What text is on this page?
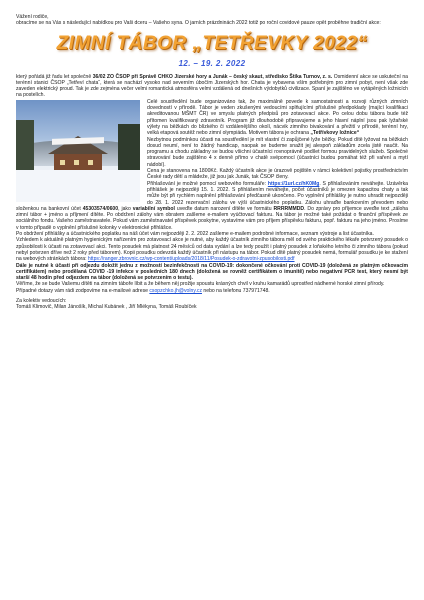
Vážení rodiče,

obracíme se na Vás s následující nabídkou pro Vaši dceru – Vašeho syna. O jarních prázdninách 2022 totiž po roční covidové pauze opět proběhne tradiční akce:

ZIMNÍ TÁBOR „TETŘEVKY 2022“
12. – 19. 2. 2022

který pořádá již řadu let společně 36/02 ZO ČSOP při Správě CHKO Jizerské hory a Junák – český skaut, středisko Štika Turnov, z. s. Osmidenní akce se uskuteční na terénní stanici ČSOP „Tetřeví chata“, která se nachází vysoko nad severním úbočím Jizerských hor. Chata je vybavena vším potřebným pro zimní pobyt, není však zde zaveden elektrický proud. Tak je zde zejména večer velmi romantická atmosféra velmi vzdálená od dnešních výdobytků civilizace. Spaní je zajištěno ve vytápěných ložnicích na postelích.

Celé soustředění bude organizováno tak, že maximálně povede k samostatnosti a rozvoji různých zimních dovedností v přírodě. Tábor je veden zkušenými vedoucími splňujícími příslušné předpoklady (mající kvalifikaci akreditovanou MŠMT ČR) ve smyslu platných předpisů pro zotavovací akce. Po celou dobu tábora bude též přítomen kvalifikovaný zdravotník. Program již dlouhodobě připravujeme a jeho hlavní náplní jsou pak lyžařské výlety na běžkách do blízkého či vzdálenějšího okolí, nácvik zimního bivakování a přežití v přírodě, terénní hry, velká etapová soutěž nebo zimní olympiáda. Motivem tábora je ochrana „Tetřívkovy ložnice“

Nezbytnou podmínkou účasti na soustředění je mít vlastní či zapůjčené lyže běžky. Pokud dítě lyžovat na běžkách dosud neumí, není to žádný handicap, naopak se budeme snažit jej alespoň základům zcela jistě naučit. Na programu a chodu základny se budou všichni účastníci rovnoprávně podílet formou pravidelných služeb. Společné stravování bude zajištěno 4 x denně přímo v chatě svépomocí (účastníci budou pomáhat též při vaření a mytí nádobí).

Cena je stanovena na 1800Kč. Každý účastník akce je úrazově pojištěn v rámci kolektivní pojistky prostřednictvím České rady dětí a mládeže, již jsou jak Junák, tak ČSOP členy.

Přihlašování je možné pomocí webového formuláře: https://1url.cz/hK0Mg. S přihlašováním neváhejte. Uzávěrka přihlášek je nejpozději 15. 1. 2022. S přihlášením neváhejte, počet účastníků je omezen kapacitou chaty a tak může být při rychlém naplnění přihlašování předčasně ukončeno. Po vyplnění přihlášky je nutno uhradit nejpozději do 28. 1. 2022 rezervační zálohu ve výši účastnického poplatku. Zálohu uhraďte bankovním převodem nebo složenkou na bankovní účet 45303574/0600, jako variabilní symbol uveďte datum narození dítěte ve formátu RRRRMMDD. Do zprávy pro příjemce uveďte text „záloha zimní tábor + jméno a příjmení dítěte. Po obdržení zálohy vám obratem zašleme e-mailem vyúčtovací fakturu. Na tábor je možné také požádat o finanční příspěvek ze sociálního fondu. Vašeho zaměstnavatele. Pokud vám zaměstnavatel příspěvek poskytne, vystavíme vám pro příjem příspěvku fakturu, popř. fakturu na jeho jméno. Prosíme v tomto případě o vyplnění příslušné kolonky v elektronické přihlášce.

Po obdržení přihlášky a účastnického poplatku na náš účet vám nejpozději 2. 2. 2022 zašleme e-mailem podrobné informace, seznam výstroje a list účastníka.

Vzhledem k aktuálně platným hygienickým nařízením pro zotavovací akce je nutné, aby každý účastník zimního tábora měl od svého praktického lékaře potvrzený posudek o způsobilosti k účasti na zotavovací akci. Tento posudek má platnost 24 měsíců od data vydání a lze tedy použít i platný posudek z loňského letního či zimního tábora (pokud nebyl potvrzen dříve než 2 roky před táborem). Kopii posudku odevzdá každý účastník při nástupu na tábor. Pokud dítě platný posudek nemá, formulář posudku je ke stažení na webových stránkách tábora: https://ranger.zbrovnic.cz/wp-content/uploads/2018/11/Posudek-o-zdravotni-zpusobilosti.pdf

Dále je nutné k účasti při odjezdu doložit jednu z možností bezinfekčnosti na COVID-19: dokončené očkování proti COVID-19 (doložená ze platným očkovacím certifikátem) nebo prodělaná COVID -19 infekce v posledních 180 dnech (doložená se rovněž certifikátem o imunitě) nebo negativní PCR test, který nesmí být starší 48 hodin před odjezdem na tábor (doložená se potvrzením o testu).

Věříme, že se bude Vašemu dítěti na zimním táboře líbit a že během něj prožije spoustu krásných chvil v kruhu kamarádů uprostřed nádherné horské zimní přírody.

Případné dotazy vám rádi zodpovíme na e-mailové adrese csopzchko.jh@volny.cz nebo na telefonu 737971748.

Za kolektiv vedoucích:

Tomáš Klimovič, Milan Jánošík, Michal Kubánek , Jiří Mlékyna, Tomáš Roubíček
